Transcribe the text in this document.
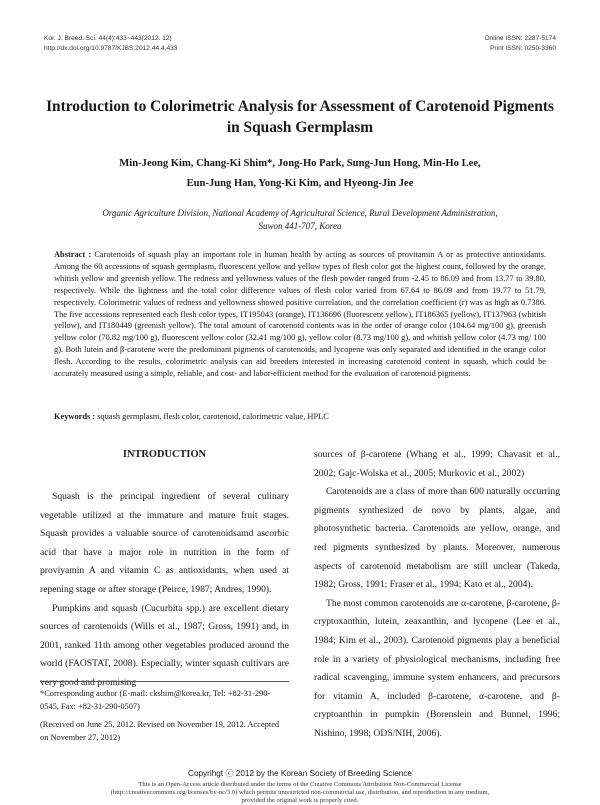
Kor. J. Breed. Sci. 44(4):433~443(2012. 12)
http://dx.doi.org/10.9787/KJBS.2012.44.4.433
Online ISSN: 2287-5174
Print ISSN: 0250-3360
Introduction to Colorimetric Analysis for Assessment of Carotenoid Pigments
in Squash Germplasm
Min-Jeong Kim, Chang-Ki Shim*, Jong-Ho Park, Sung-Jun Hong, Min-Ho Lee,
Eun-Jung Han, Yong-Ki Kim, and Hyeong-Jin Jee
Organic Agriculture Division, National Academy of Agricultural Science, Rural Development Administration,
Suwon 441-707, Korea
Abstract : Carotenoids of squash play an important role in human health by acting as sources of provitamin A or as protective antioxidants. Among the 60 accessions of squash germplasm, fluorescent yellow and yellow types of flesh color got the highest count, followed by the orange, whitish yellow and greenish yellow. The redness and yellowness values of the flesh powder ranged from -2.45 to 86.09 and from 13.77 to 39.80, respectively. While the lightness and the total color difference values of flesh color varied from 67.64 to 86.09 and from 19.77 to 51.79, respectively. Colorimetric values of redness and yellowness showed positive correlation, and the correlation coefficient (r) was as high as 0.7386. The five accessions represented each flesh color types, IT195043 (orange), IT136696 (fluorescent yellow), IT186365 (yellow), IT137963 (whitish yellow), and IT180449 (greenish yellow). The total amount of carotenoid contents was in the order of orange color (104.64 mg/100 g), greenish yellow color (70.82 mg/100 g), fluorescent yellow color (32.41 mg/100 g), yellow color (8.73 mg/100 g), and whitish yellow color (4.73 mg/ 100 g). Both lutein and β-carotene were the predominant pigments of carotenoids, and lycopene was only separated and identified in the orange color flesh. According to the results, colorimetric analysis can aid breeders interested in increasing carotenoid content in squash, which could be accurately measured using a simple, reliable, and cost- and labor-efficient method for the evaluation of carotenoid pigments.
Keywords : squash germplasm, flesh color, carotenoid, calorimetric value, HPLC
INTRODUCTION

Squash is the principal ingredient of several culinary vegetable utilized at the immature and mature fruit stages. Squash provides a valuable source of carotenoidsamd ascorbic acid that have a major role in nutrition in the form of proviyamin A and vitamin C as antioxidants, when used at repening stage or after storage (Peirce, 1987; Andres, 1990).

Pumpkins and squash (Cucurbita spp.) are excellent dietary sources of carotenoids (Wills et al., 1987; Gross, 1991) and, in 2001, ranked 11th among other vegetables produced around the world (FAOSTAT, 2008). Especially, winter squash cultivars are very good and promising

sources of β-carotene (Whang et al., 1999; Chavasit et al., 2002; Gajc-Wolska et al., 2005; Murkovic et al., 2002)

Carotenoids are a class of more than 600 naturally occurring pigments synthesized de novo by plants, algae, and photosynthetic bacteria. Carotenoids are yellow, orange, and red pigments synthesized by plants. Moreover, numerous aspects of carotenoid metabolism are still unclear (Takeda, 1982; Gross, 1991; Fraser et al., 1994; Kato et al., 2004).

The most common carotenoids are α-carotene, β-carotene, β-cryptoxanthin, lutein, zeaxanthin, and lycopene (Lee et al., 1984; Kim et al., 2003). Carotenoid pigments play a beneficial role in a variety of physiological mechanisms, including free radical scavenging, immune system enhancers, and precursors for vitamin A, included β-carotene, α-carotene, and β-cryptoanthin in pumpkin (Borenslein and Bunnel, 1996; Nishino, 1998; ODS/NIH, 2006).

*Corresponding author (E-mail: ckshim@korea.kr, Tel: +82-31-290-0545, Fax: +82-31-290-0507)
(Received on June 25, 2012. Revised on November 19, 2012. Accepted on November 27, 2012)
Copyrihgt ⓒ 2012 by the Korean Society of Breeding Science
This is an Open-Access article distributed under the terms of the Creative Commons Attribution Non-Commercial License
(http://creativecommons.org/licenses/by-nc/3.0) which permits unrestricted non-commercial use, distribution, and reproduction in any medium,
provided the original work is properly cited.
